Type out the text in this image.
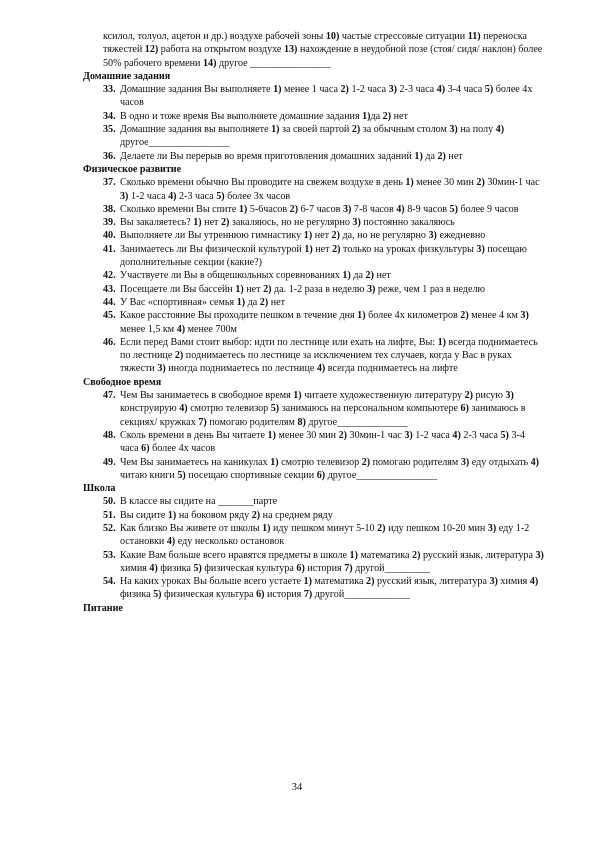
ксилол, толуол, ацетон и др.) воздухе рабочей зоны 10) частые стрессовые ситуации 11) переноска тяжестей 12) работа на открытом воздухе 13) нахождение в неудобной позе (стоя/ сидя/ наклон) более 50% рабочего времени 14) другое ________________
Домашние задания
33. Домашние задания Вы выполняете 1) менее 1 часа 2) 1-2 часа 3) 2-3 часа 4) 3-4 часа 5) более 4х часов
34. В одно и тоже время Вы выполняете домашние задания 1)да 2) нет
35. Домашние задания вы выполняете 1) за своей партой 2) за обычным столом 3) на полу 4) другое________________
36. Делаете ли Вы перерыв во время приготовления домашних заданий 1) да 2) нет
Физическое развитие
37. Сколько времени обычно Вы проводите на свежем воздухе в день 1) менее 30 мин 2) 30мин-1 час 3) 1-2 часа 4) 2-3 часа 5) более 3х часов
38. Сколько времени Вы спите 1) 5-6часов 2) 6-7 часов 3) 7-8 часов 4) 8-9 часов 5) более 9 часов
39. Вы закаляетесь? 1) нет 2) закаляюсь, но не регулярно 3) постоянно закаляюсь
40. Выполняете ли Вы утреннюю гимнастику 1) нет 2) да, но не регулярно 3) ежедневно
41. Занимаетесь ли Вы физической культурой 1) нет 2) только на уроках физкультуры 3) посещаю дополнительные секции (какие?)
42. Участвуете ли Вы в общешкольных соревнованиях 1) да 2) нет
43. Посещаете ли Вы бассейн 1) нет 2) да. 1-2 раза в неделю 3) реже, чем 1 раз в неделю
44. У Вас «спортивная» семья 1) да 2) нет
45. Какое расстояние Вы проходите пешком в течение дня 1) более 4х километров 2) менее 4 км 3) менее 1,5 км 4) менее 700м
46. Если перед Вами стоит выбор: идти по лестнице или ехать на лифте, Вы: 1) всегда поднимаетесь по лестнице 2) поднимаетесь по лестнице за исключением тех случаев, когда у Вас в руках тяжести 3) иногда поднимаетесь по лестнице 4) всегда поднимаетесь на лифте
Свободное время
47. Чем Вы занимаетесь в свободное время 1) читаете художественную литературу 2) рисую 3) конструирую 4) смотрю телевизор 5) занимаюсь на персональном компьютере 6) занимаюсь в секциях/ кружках 7) помогаю родителям 8) другое______________
48. Сколь времени в день Вы читаете 1) менее 30 мин 2) 30мин-1 час 3) 1-2 часа 4) 2-3 часа 5) 3-4 часа 6) более 4х часов
49. Чем Вы занимаетесь на каникулах 1) смотрю телевизор 2) помогаю родителям 3) еду отдыхать 4) читаю книги 5) посещаю спортивные секции 6) другое________________
Школа
50. В классе вы сидите на _______парте
51. Вы сидите 1) на боковом ряду 2) на среднем ряду
52. Как близко Вы живете от школы 1) иду пешком минут 5-10 2) иду пешком 10-20 мин 3) еду 1-2 остановки 4) еду несколько остановок
53. Какие Вам больше всего нравятся предметы в школе 1) математика 2) русский язык, литература 3) химия 4) физика 5) физическая культура 6) история 7) другой_________
54. На каких уроках Вы больше всего устаете 1) математика 2) русский язык, литература 3) химия 4) физика 5) физическая культура 6) история 7) другой_____________
Питание
34
